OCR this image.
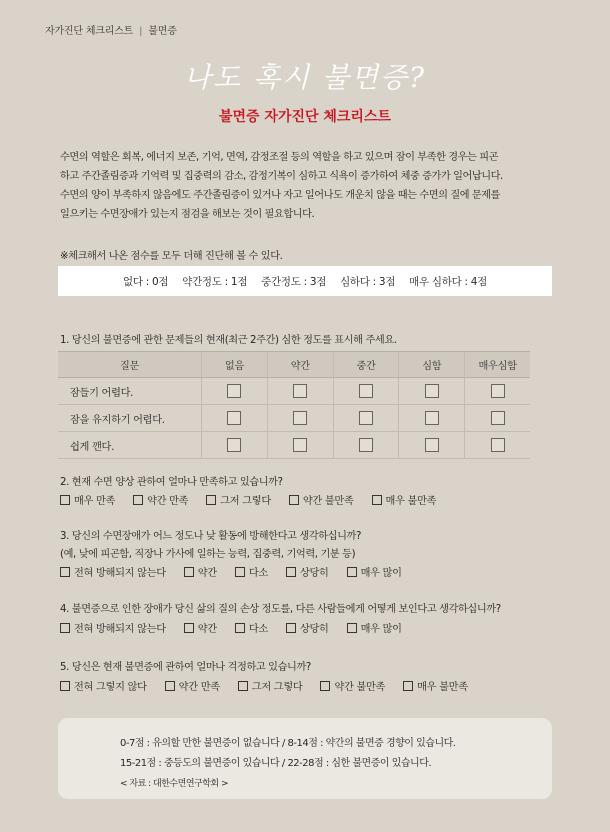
자가진단 체크리스트 | 불면증
나도 혹시 불면증?
불면증 자가진단 체크리스트

수면의 역할은 회복, 에너지 보존, 기억, 면역, 감정조절 등의 역할을 하고 있으며 잠이 부족한 경우는 피곤

하고 주간졸림증과 기억력 및 집중력의 감소, 감정기복이 심하고 식욕이 증가하여 체중 증가가 일어납니다.

수면의 양이 부족하지 않음에도 주간졸림증이 있거나 자고 일어나도 개운치 않을 때는 수면의 질에 문제를

일으키는 수면장애가 있는지 점검을 해보는 것이 필요합니다.

※체크해서 나온 점수를 모두 더해 진단해 볼 수 있다.
없다 : 0점 약간정도 : 1점 중간정도 : 3점 심하다 : 3점 매우 심하다 : 4점
1. 당신의 불면증에 관한 문제들의 현재(최근 2주간) 심한 정도를 표시해 주세요.
질문	없음	약간	중간	심함	매우심함
잠들기 어렵다.					
잠을 유지하기 어렵다.					
쉽게 깬다.					
2. 현재 수면 양상 관하여 얼마나 만족하고 있습니까?
매우 만족	약간 만족	그저 그렇다	약간 불만족	매우 불만족
3. 당신의 수면장애가 어느 정도나 낮 활동에 방해한다고 생각하십니까?
(예, 낮에 피곤함, 직장나 가사에 일하는 능력, 집중력, 기억력, 기분 등)
전혀 방해되지 않는다	약간	다소	상당히	매우 많이
4. 불면증으로 인한 장애가 당신 삶의 질의 손상 정도를, 다른 사람들에게 어떻게 보인다고 생각하십니까?
전혀 방해되지 않는다	약간	다소	상당히	매우 많이
5. 당신은 현재 불면증에 관하여 얼마나 걱정하고 있습니까?
전혀 그렇지 않다	약간 만족	그저 그렇다	약간 불만족	매우 불만족
0-7점 : 유의할 만한 불면증이 없습니다 / 8-14점 : 약간의 불면증 경향이 있습니다.
15-21점 : 중등도의 불면증이 있습니다 / 22-28점 : 심한 불면증이 있습니다.
< 자료 : 대한수면연구학회 >
